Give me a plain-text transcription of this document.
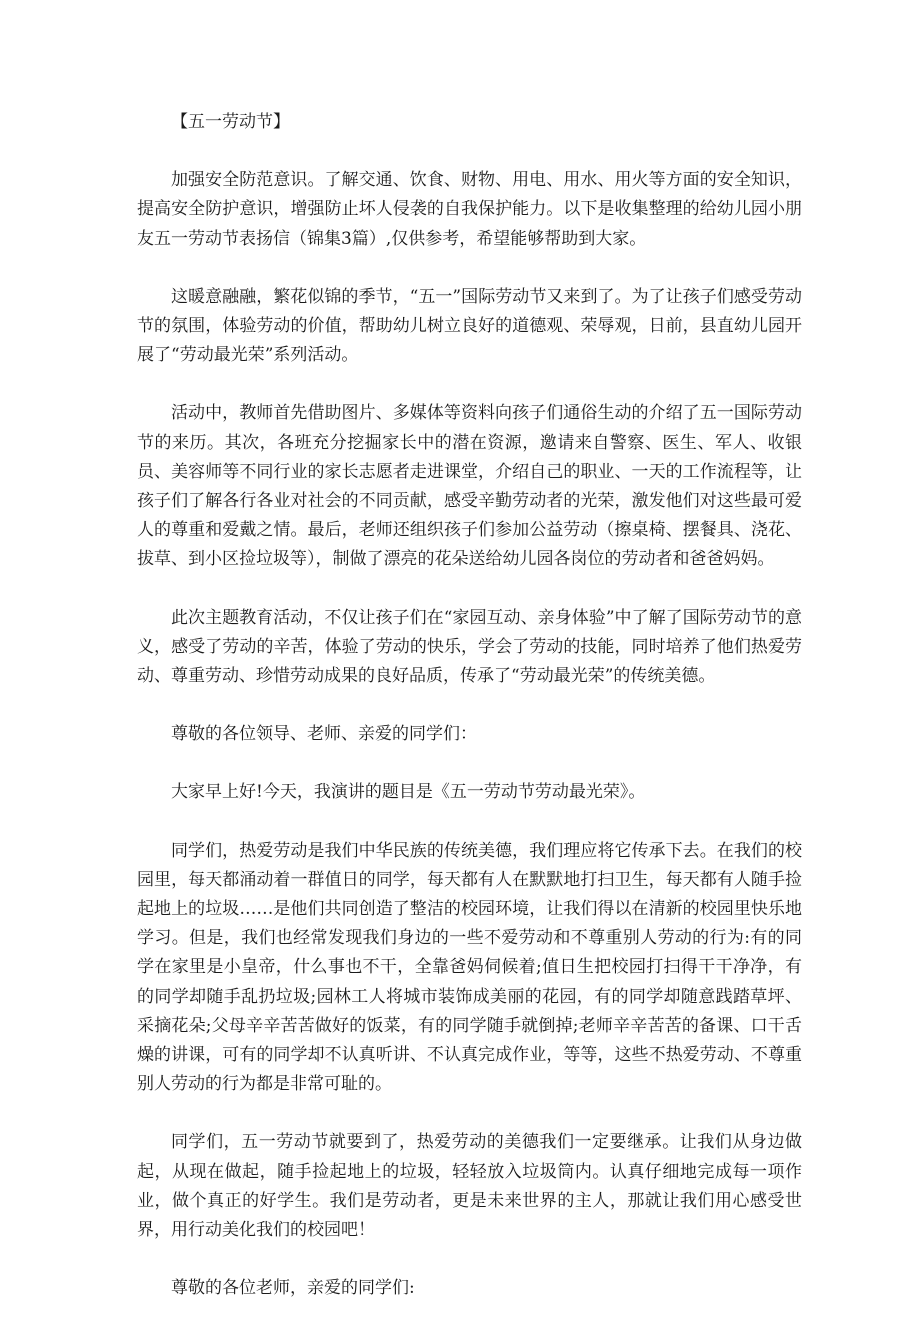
【五一劳动节】

加强安全防范意识。了解交通、饮食、财物、用电、用水、用火等方面的安全知识，提高安全防护意识，增强防止坏人侵袭的自我保护能力。以下是收集整理的给幼儿园小朋友五一劳动节表扬信（锦集3篇）,仅供参考，希望能够帮助到大家。

这暖意融融，繁花似锦的季节，“五一”国际劳动节又来到了。为了让孩子们感受劳动节的氛围，体验劳动的价值，帮助幼儿树立良好的道德观、荣辱观，日前，县直幼儿园开展了“劳动最光荣”系列活动。

活动中，教师首先借助图片、多媒体等资料向孩子们通俗生动的介绍了五一国际劳动节的来历。其次，各班充分挖掘家长中的潜在资源，邀请来自警察、医生、军人、收银员、美容师等不同行业的家长志愿者走进课堂，介绍自己的职业、一天的工作流程等，让孩子们了解各行各业对社会的不同贡献，感受辛勤劳动者的光荣，激发他们对这些最可爱人的尊重和爱戴之情。最后，老师还组织孩子们参加公益劳动（擦桌椅、摆餐具、浇花、拔草、到小区捡垃圾等），制做了漂亮的花朵送给幼儿园各岗位的劳动者和爸爸妈妈。

此次主题教育活动，不仅让孩子们在“家园互动、亲身体验”中了解了国际劳动节的意义，感受了劳动的辛苦，体验了劳动的快乐，学会了劳动的技能，同时培养了他们热爱劳动、尊重劳动、珍惜劳动成果的良好品质，传承了“劳动最光荣”的传统美德。

尊敬的各位领导、老师、亲爱的同学们：

大家早上好!今天，我演讲的题目是《五一劳动节劳动最光荣》。

同学们，热爱劳动是我们中华民族的传统美德，我们理应将它传承下去。在我们的校园里，每天都涌动着一群值日的同学，每天都有人在默默地打扫卫生，每天都有人随手捡起地上的垃圾……是他们共同创造了整洁的校园环境，让我们得以在清新的校园里快乐地学习。但是，我们也经常发现我们身边的一些不爱劳动和不尊重别人劳动的行为:有的同学在家里是小皇帝，什么事也不干，全靠爸妈伺候着;值日生把校园打扫得干干净净，有的同学却随手乱扔垃圾;园林工人将城市装饰成美丽的花园，有的同学却随意践踏草坪、采摘花朵;父母辛辛苦苦做好的饭菜，有的同学随手就倒掉;老师辛辛苦苦的备课、口干舌燥的讲课，可有的同学却不认真听讲、不认真完成作业，等等，这些不热爱劳动、不尊重别人劳动的行为都是非常可耻的。

同学们，五一劳动节就要到了，热爱劳动的美德我们一定要继承。让我们从身边做起，从现在做起，随手捡起地上的垃圾，轻轻放入垃圾筒内。认真仔细地完成每一项作业，做个真正的好学生。我们是劳动者，更是未来世界的主人，那就让我们用心感受世界，用行动美化我们的校园吧！

尊敬的各位老师，亲爱的同学们:
